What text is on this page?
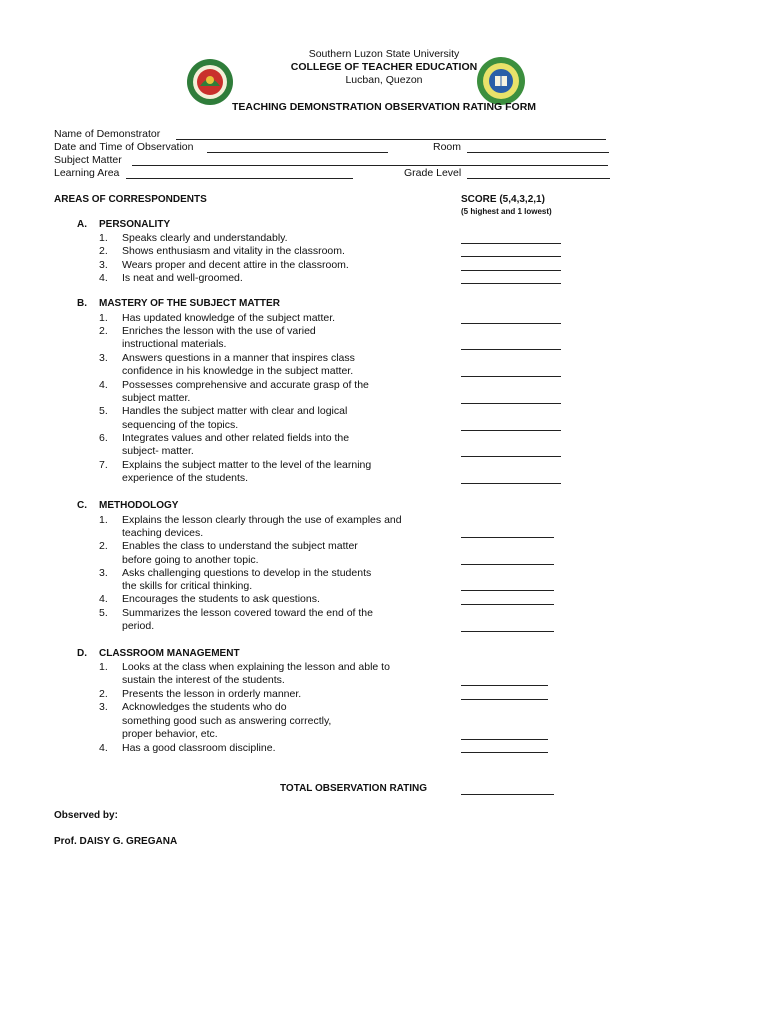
Southern Luzon State University
COLLEGE OF TEACHER EDUCATION
Lucban, Quezon
TEACHING DEMONSTRATION OBSERVATION RATING FORM
Name of Demonstrator
Date and Time of Observation	Room
Subject Matter
Learning Area	Grade Level
AREAS OF CORRESPONDENTS	SCORE (5,4,3,2,1)
(5 highest and 1 lowest)
A. PERSONALITY
1. Speaks clearly and understandably.
2. Shows enthusiasm and vitality in the classroom.
3. Wears proper and decent attire in the classroom.
4. Is neat and well-groomed.
B. MASTERY OF THE SUBJECT MATTER
1. Has updated knowledge of the subject matter.
2. Enriches the lesson with the use of varied
instructional materials.
3. Answers questions in a manner that inspires class
confidence in his knowledge in the subject matter.
4. Possesses comprehensive and accurate grasp of the
subject matter.
5. Handles the subject matter with clear and logical
sequencing of the topics.
6. Integrates values and other related fields into the
subject- matter.
7. Explains the subject matter to the level of the learning
experience of the students.
C. METHODOLOGY
1. Explains the lesson clearly through the use of examples and
teaching devices.
2. Enables the class to understand the subject matter
before going to another topic.
3. Asks challenging questions to develop in the students
the skills for critical thinking.
4. Encourages the students to ask questions.
5. Summarizes the lesson covered toward the end of the
period.
D. CLASSROOM MANAGEMENT
1. Looks at the class when explaining the lesson and able to
sustain the interest of the students.
2. Presents the lesson in orderly manner.
3. Acknowledges the students who do
something good such as answering correctly,
proper behavior, etc.
4. Has a good classroom discipline.
TOTAL OBSERVATION RATING
Observed by:
Prof. DAISY G. GREGANA
